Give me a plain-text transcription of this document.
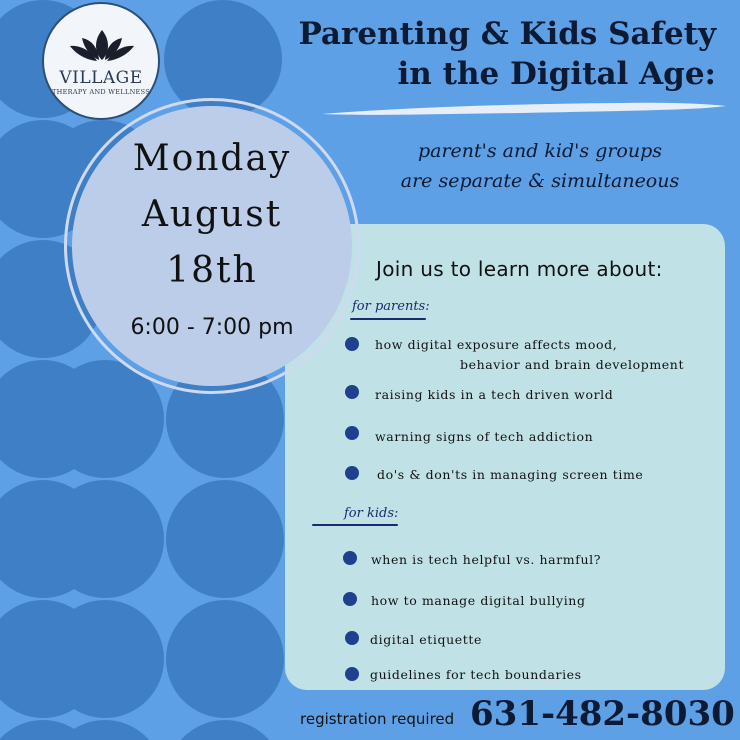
VILLAGE
THERAPY AND WELLNESS
Parenting & Kids Safety
in the Digital Age:
parent's and kid's groups
are separate & simultaneous
Monday
August
18th
6:00 - 7:00 pm
Join us to learn more about:
for parents:
how digital exposure affects mood,
behavior and brain development
raising kids in a tech driven world
warning signs of tech addiction
do's & don'ts in managing screen time
for kids:
when is tech helpful vs. harmful?
how to manage digital bullying
digital etiquette
guidelines for tech boundaries
registration required 631-482-8030
